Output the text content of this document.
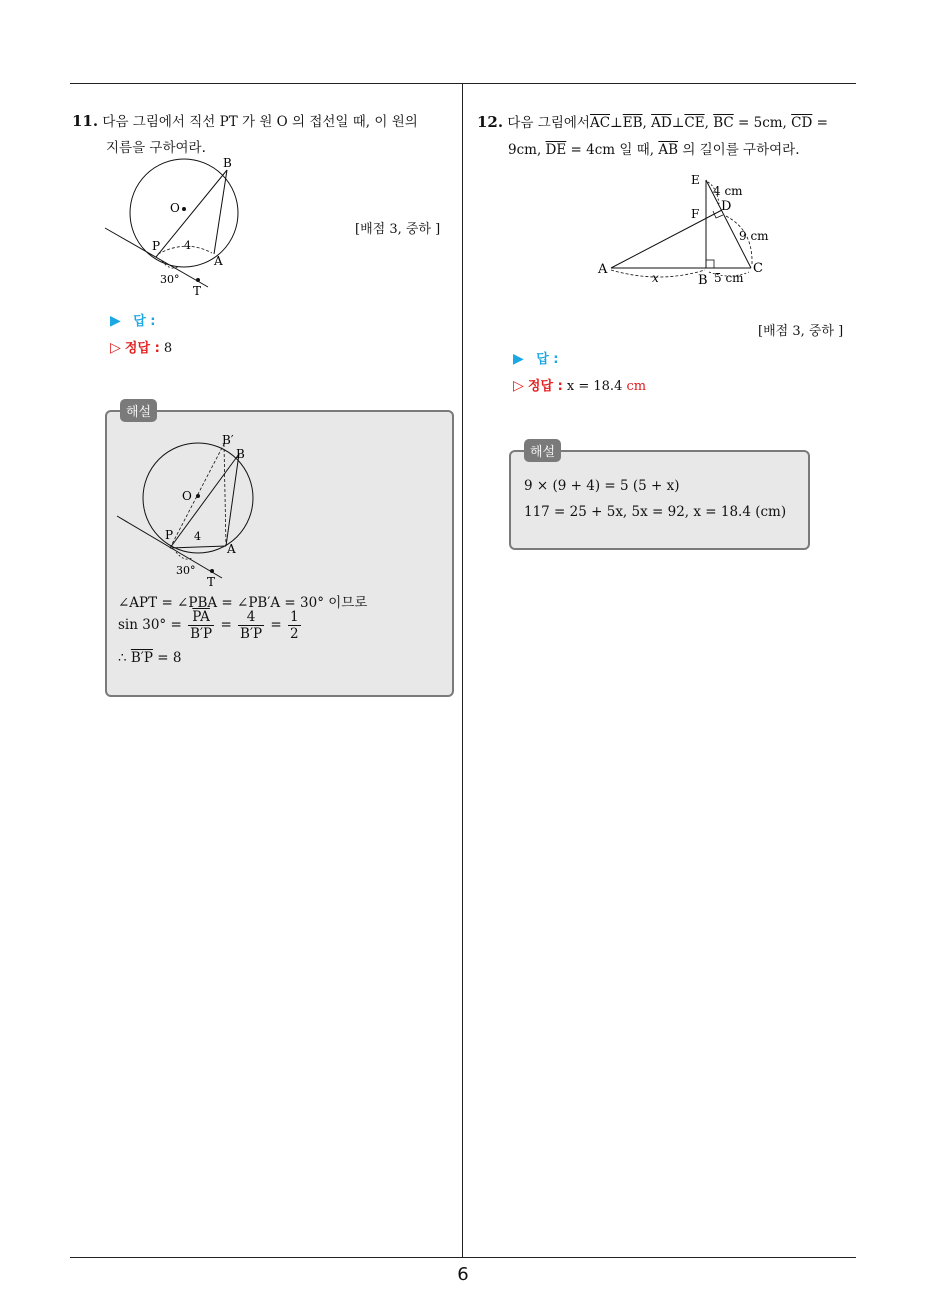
11. 다음 그림에서 직선 PT 가 원 O 의 접선일 때, 이 원의
지름을 구하여라.
B
O
P
A
4
30°
T
[배점 3, 중하 ]
▶ 답 :
▷ 정답 : 8
해설
B′
B
O
P 4
A
30°
T
∠APT = ∠PBA = ∠PB′A = 30° 이므로
$\sin 30^\circ = \frac{\overline{PA}}{B'P} = \frac{4}{B'P} = \frac{1}{2}$
∴ B′P = 8
12. 다음 그림에서$\overline{AC}\perp\overline{EB}$, $\overline{AD}\perp\overline{CE}$, $\overline{BC} = 5cm$, $\overline{CD}$ =
9cm, $\overline{DE} = 4cm$ 일 때, $\overline{AB}$ 의 길이를 구하여라.
E
4 cm
D
F
9 cm
A
x	B 5 cm
C
[배점 3, 중하 ]
▶ 답 :
▷ 정답 : x = 18.4 cm
해설
9 × (9 + 4) = 5 (5 + x)
117 = 25 + 5x, 5x = 92, x = 18.4 (cm)
6
